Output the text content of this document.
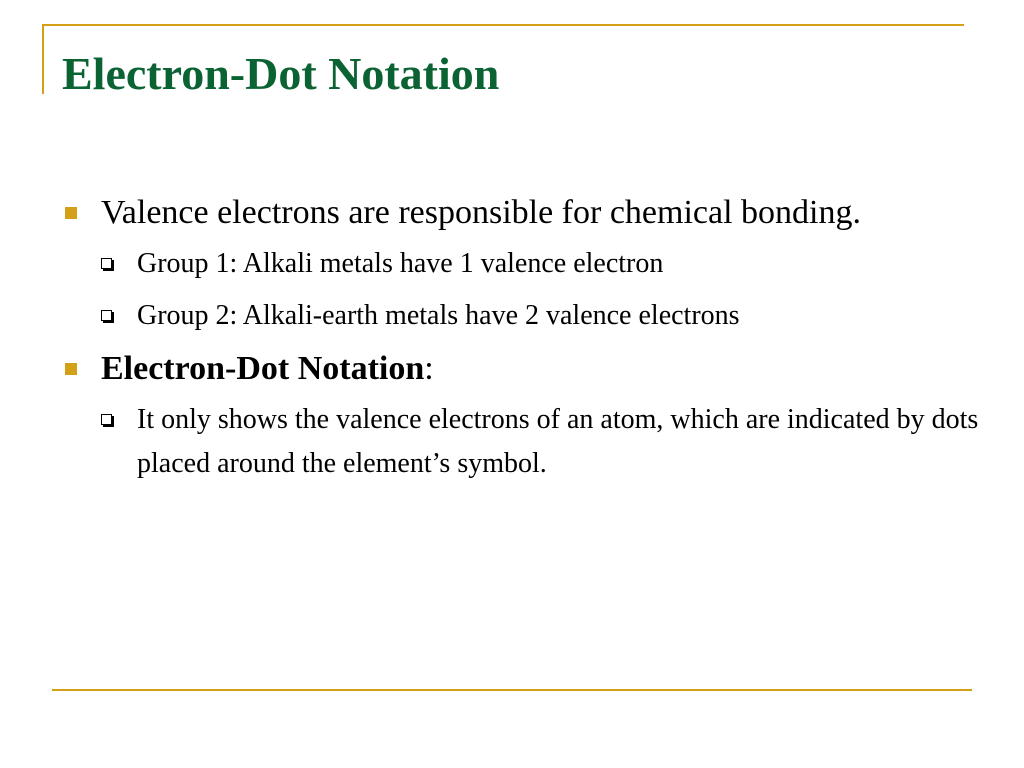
Electron-Dot Notation
Valence electrons are responsible for chemical bonding.
Group 1: Alkali metals have 1 valence electron
Group 2: Alkali-earth metals have 2 valence electrons
Electron-Dot Notation:
It only shows the valence electrons of an atom, which are indicated by dots placed around the element’s symbol.
